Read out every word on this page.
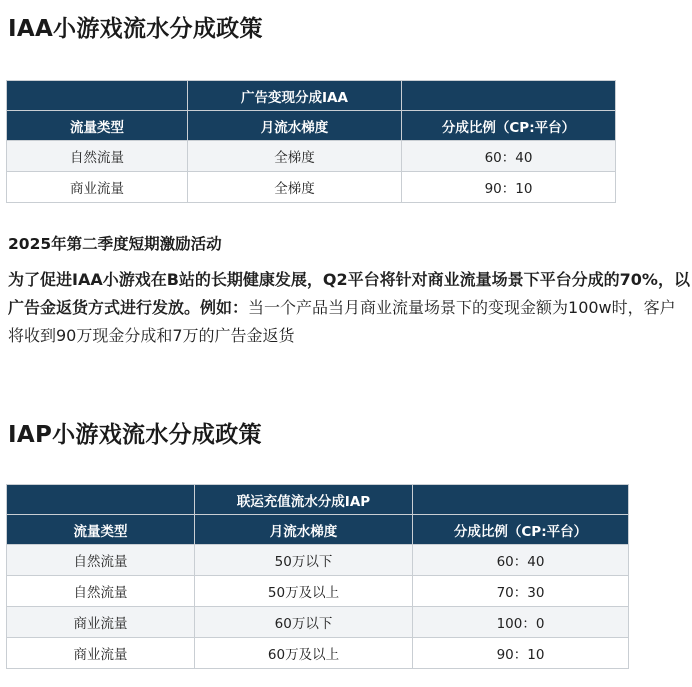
IAA小游戏流水分成政策
	广告变现分成IAA	
流量类型	月流水梯度	分成比例（CP:平台）
自然流量	全梯度	60：40
商业流量	全梯度	90：10
2025年第二季度短期激励活动

为了促进IAA小游戏在B站的长期健康发展，Q2平台将针对商业流量场景下平台分成的70%，以广告金返货方式进行发放。例如：当一个产品当月商业流量场景下的变现金额为100w时，客户将收到90万现金分成和7万的广告金返货

IAP小游戏流水分成政策
	联运充值流水分成IAP	
流量类型	月流水梯度	分成比例（CP:平台）
自然流量	50万以下	60：40
自然流量	50万及以上	70：30
商业流量	60万以下	100：0
商业流量	60万及以上	90：10
